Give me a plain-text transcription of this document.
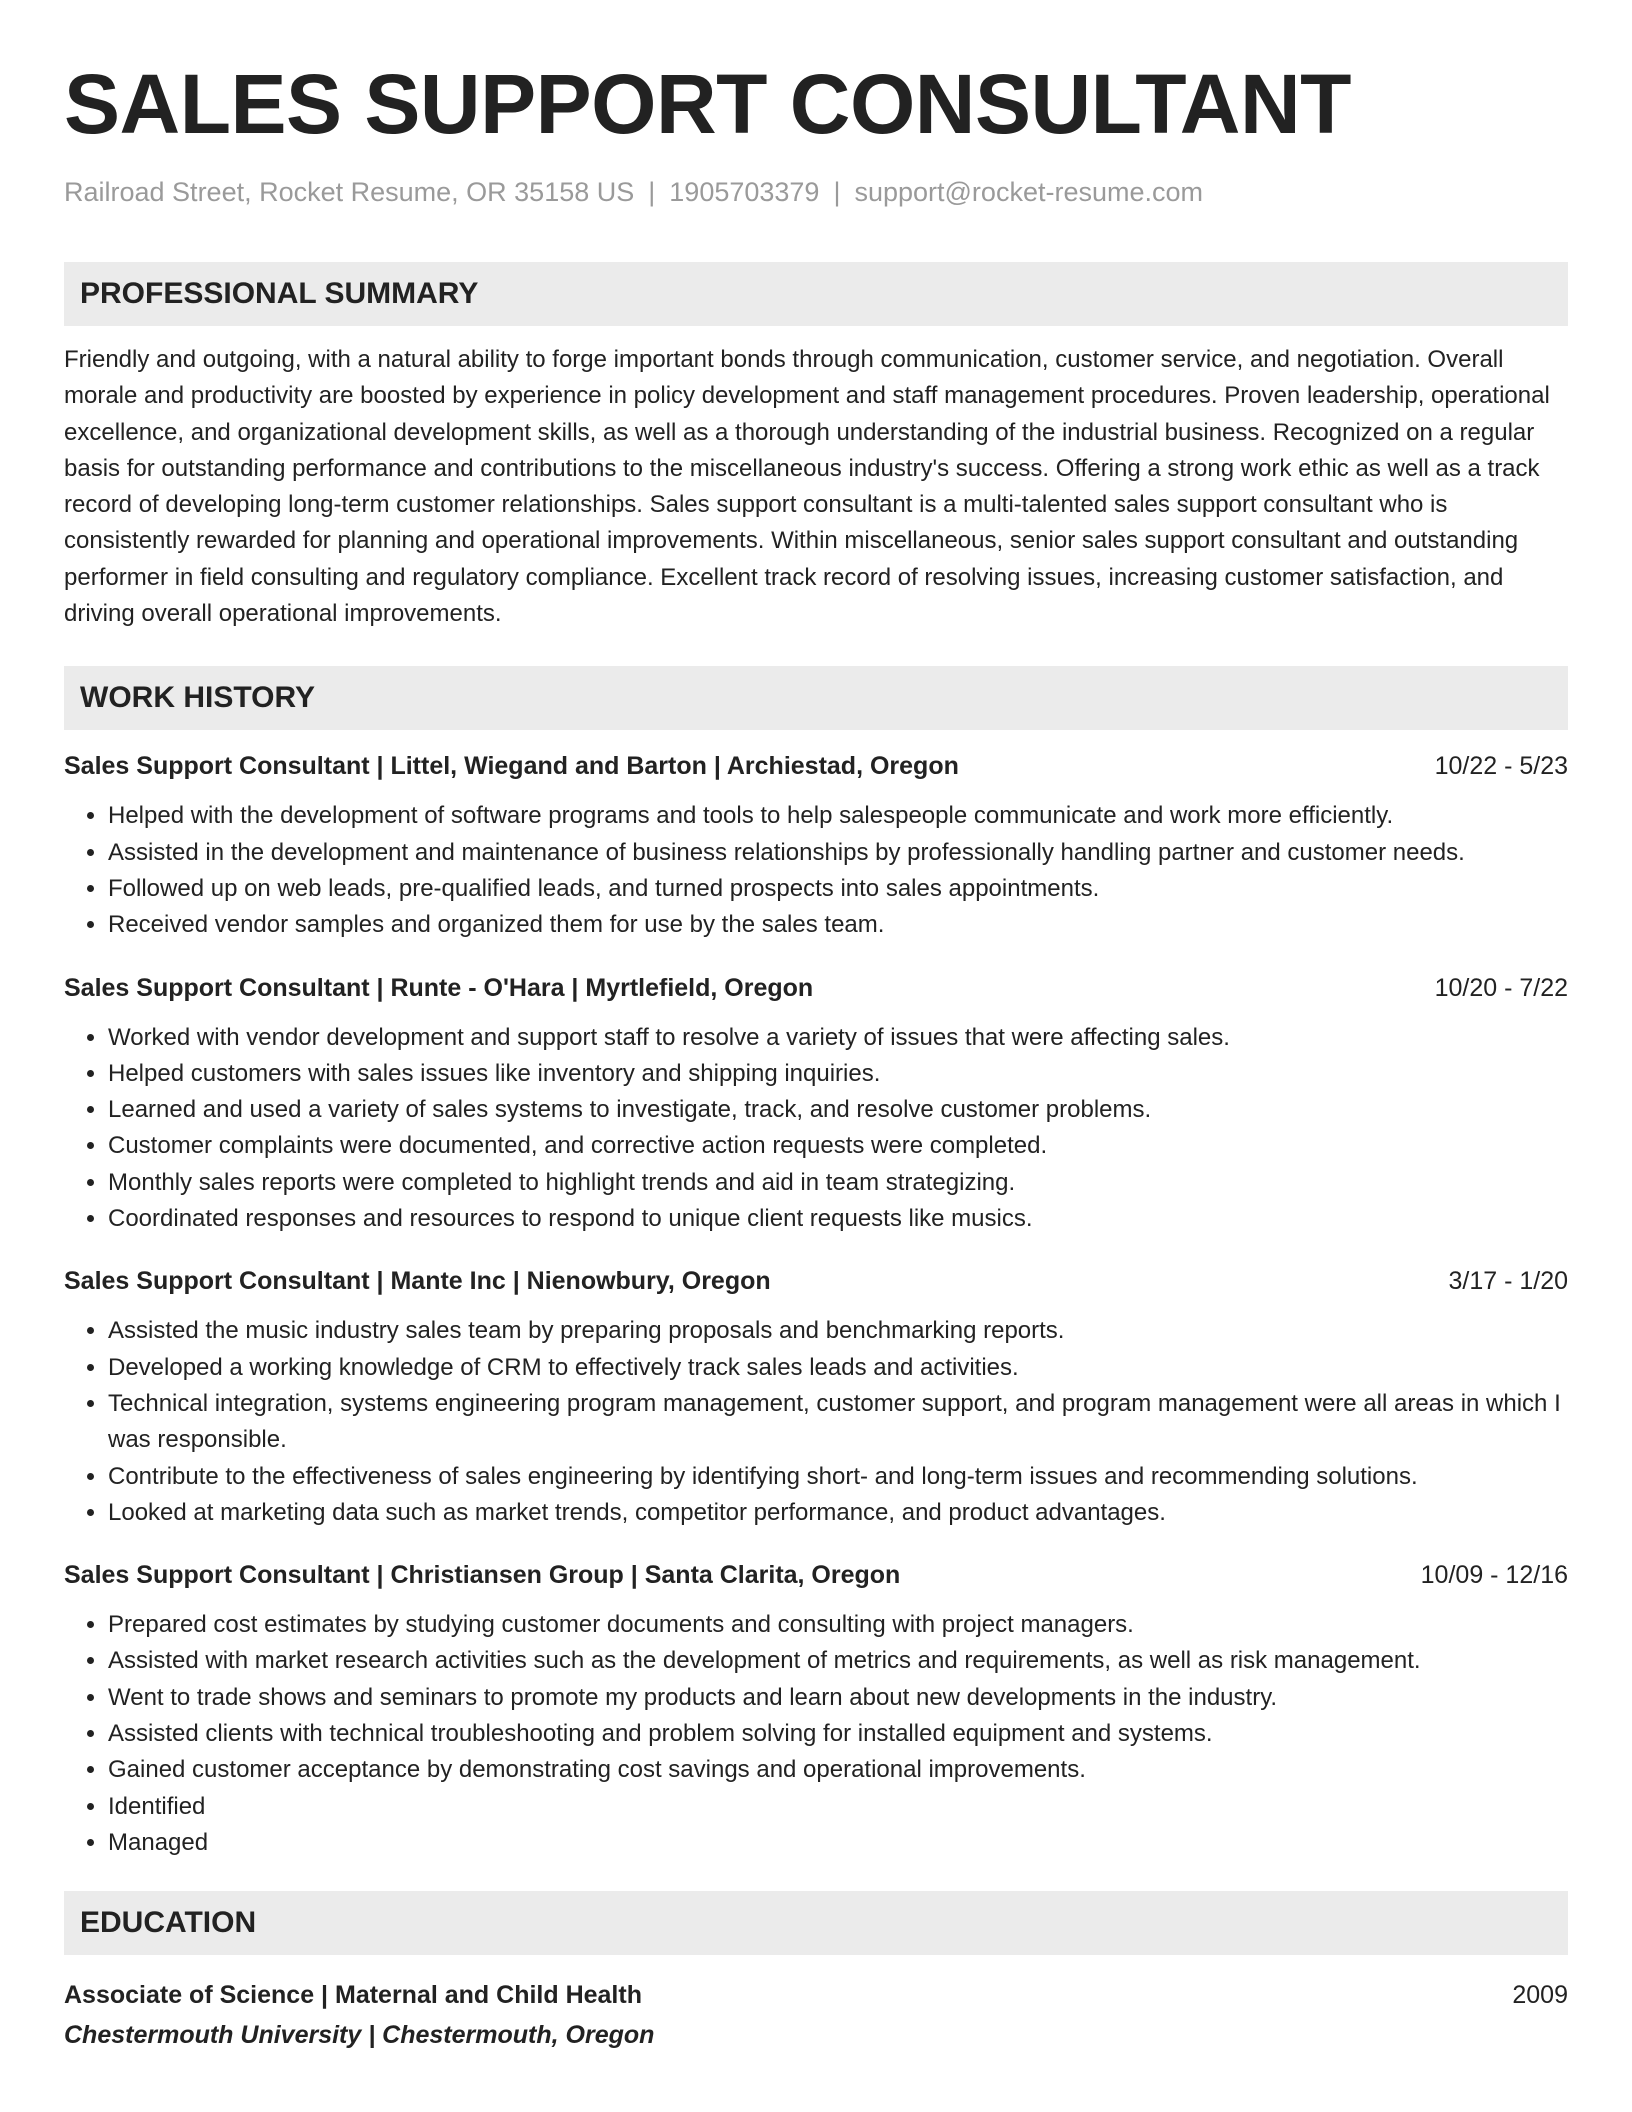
SALES SUPPORT CONSULTANT
Railroad Street, Rocket Resume, OR 35158 US | 1905703379 | support@rocket-resume.com
PROFESSIONAL SUMMARY
Friendly and outgoing, with a natural ability to forge important bonds through communication, customer service, and negotiation. Overall morale and productivity are boosted by experience in policy development and staff management procedures. Proven leadership, operational excellence, and organizational development skills, as well as a thorough understanding of the industrial business. Recognized on a regular basis for outstanding performance and contributions to the miscellaneous industry's success. Offering a strong work ethic as well as a track record of developing long-term customer relationships. Sales support consultant is a multi-talented sales support consultant who is consistently rewarded for planning and operational improvements. Within miscellaneous, senior sales support consultant and outstanding performer in field consulting and regulatory compliance. Excellent track record of resolving issues, increasing customer satisfaction, and driving overall operational improvements.
WORK HISTORY
Sales Support Consultant | Littel, Wiegand and Barton | Archiestad, Oregon	10/22 - 5/23
• Helped with the development of software programs and tools to help salespeople communicate and work more efficiently.
• Assisted in the development and maintenance of business relationships by professionally handling partner and customer needs.
• Followed up on web leads, pre-qualified leads, and turned prospects into sales appointments.
• Received vendor samples and organized them for use by the sales team.
Sales Support Consultant | Runte - O'Hara | Myrtlefield, Oregon	10/20 - 7/22
• Worked with vendor development and support staff to resolve a variety of issues that were affecting sales.
• Helped customers with sales issues like inventory and shipping inquiries.
• Learned and used a variety of sales systems to investigate, track, and resolve customer problems.
• Customer complaints were documented, and corrective action requests were completed.
• Monthly sales reports were completed to highlight trends and aid in team strategizing.
• Coordinated responses and resources to respond to unique client requests like musics.
Sales Support Consultant | Mante Inc | Nienowbury, Oregon	3/17 - 1/20
• Assisted the music industry sales team by preparing proposals and benchmarking reports.
• Developed a working knowledge of CRM to effectively track sales leads and activities.
• Technical integration, systems engineering program management, customer support, and program management were all areas in which I was responsible.
• Contribute to the effectiveness of sales engineering by identifying short- and long-term issues and recommending solutions.
• Looked at marketing data such as market trends, competitor performance, and product advantages.
Sales Support Consultant | Christiansen Group | Santa Clarita, Oregon	10/09 - 12/16
• Prepared cost estimates by studying customer documents and consulting with project managers.
• Assisted with market research activities such as the development of metrics and requirements, as well as risk management.
• Went to trade shows and seminars to promote my products and learn about new developments in the industry.
• Assisted clients with technical troubleshooting and problem solving for installed equipment and systems.
• Gained customer acceptance by demonstrating cost savings and operational improvements.
• Identified
• Managed
EDUCATION
Associate of Science | Maternal and Child Health	2009
Chestermouth University | Chestermouth, Oregon
